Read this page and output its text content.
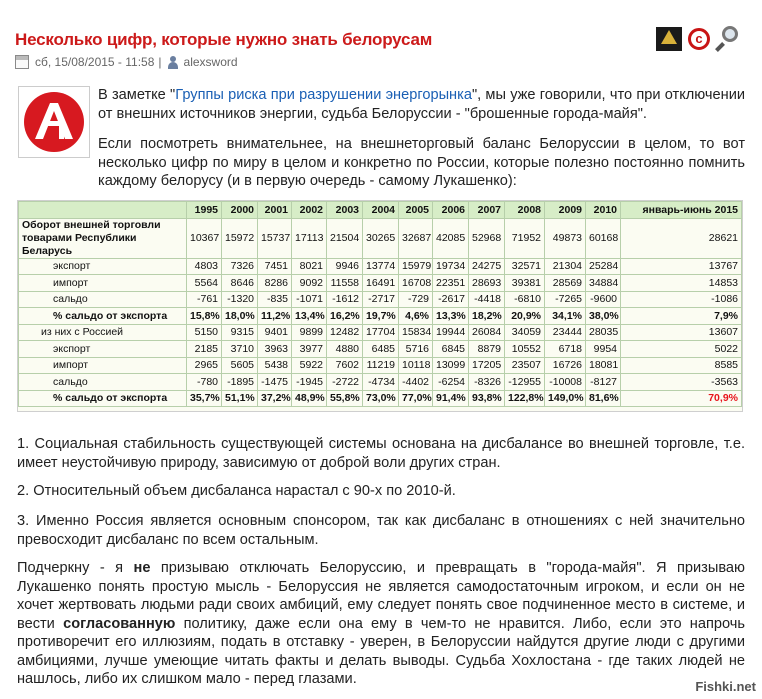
Несколько цифр, которые нужно знать белорусам	c
сб, 15/08/2015 - 11:58 | alexsword
В заметке "Группы риска при разрушении энергорынка", мы уже говорили, что при отключении от внешних источников энергии, судьба Белоруссии - "брошенные города-майя".
Если посмотреть внимательнее, на внешнеторговый баланс Белоруссии в целом, то вот несколько цифр по миру в целом и конкретно по России, которые полезно постоянно помнить каждому белорусу (и в первую очередь - самому Лукашенко):
	1995	2000	2001	2002	2003	2004	2005	2006	2007	2008	2009	2010	январь-июнь 2015
Оборот внешней торговли товарами Республики Беларусь	10367	15972	15737	17113	21504	30265	32687	42085	52968	71952	49873	60168	28621
экспорт	4803	7326	7451	8021	9946	13774	15979	19734	24275	32571	21304	25284	13767
импорт	5564	8646	8286	9092	11558	16491	16708	22351	28693	39381	28569	34884	14853
сальдо	-761	-1320	-835	-1071	-1612	-2717	-729	-2617	-4418	-6810	-7265	-9600	-1086
% сальдо от экспорта	15,8%	18,0%	11,2%	13,4%	16,2%	19,7%	4,6%	13,3%	18,2%	20,9%	34,1%	38,0%	7,9%
из них с Россией	5150	9315	9401	9899	12482	17704	15834	19944	26084	34059	23444	28035	13607
экспорт	2185	3710	3963	3977	4880	6485	5716	6845	8879	10552	6718	9954	5022
импорт	2965	5605	5438	5922	7602	11219	10118	13099	17205	23507	16726	18081	8585
сальдо	-780	-1895	-1475	-1945	-2722	-4734	-4402	-6254	-8326	-12955	-10008	-8127	-3563
% сальдо от экспорта	35,7%	51,1%	37,2%	48,9%	55,8%	73,0%	77,0%	91,4%	93,8%	122,8%	149,0%	81,6%	70,9%
1. Социальная стабильность существующей системы основана на дисбалансе во внешней торговле, т.е. имеет неустойчивую природу, зависимую от доброй воли других стран.
2. Относительный объем дисбаланса нарастал с 90-х по 2010-й.
3. Именно Россия является основным спонсором, так как дисбаланс в отношениях с ней значительно превосходит дисбаланс по всем остальным.
Подчеркну - я не призываю отключать Белоруссию, и превращать в "города-майя". Я призываю Лукашенко понять простую мысль - Белоруссия не является самодостаточным игроком, и если он не хочет жертвовать людьми ради своих амбиций, ему следует понять свое подчиненное место в системе, и вести согласованную политику, даже если она ему в чем-то не нравится. Либо, если это напрочь противоречит его иллюзиям, подать в отставку - уверен, в Белоруссии найдутся другие люди с другими амбициями, лучше умеющие читать факты и делать выводы. Судьба Хохлостана - где таких людей не нашлось, либо их слишком мало - перед глазами.	Fishki.net
